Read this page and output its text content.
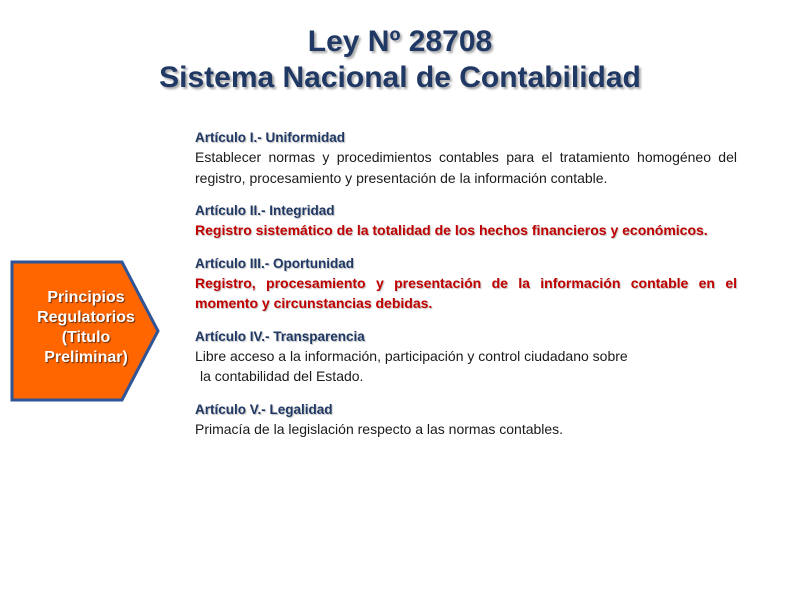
Ley Nº 28708
Sistema Nacional de Contabilidad
Principios
Regulatorios
(Titulo
Preliminar)
Artículo I.- Uniformidad
Establecer normas y procedimientos contables para el tratamiento homogéneo del registro, procesamiento y presentación de la información contable.
Artículo II.- Integridad
Registro sistemático de la totalidad de los hechos financieros y económicos.
Artículo III.- Oportunidad
Registro, procesamiento y presentación de la información contable en el momento y circunstancias debidas.
Artículo IV.- Transparencia
Libre acceso a la información, participación y control ciudadano sobre

la contabilidad del Estado.
Artículo V.- Legalidad
Primacía de la legislación respecto a las normas contables.
